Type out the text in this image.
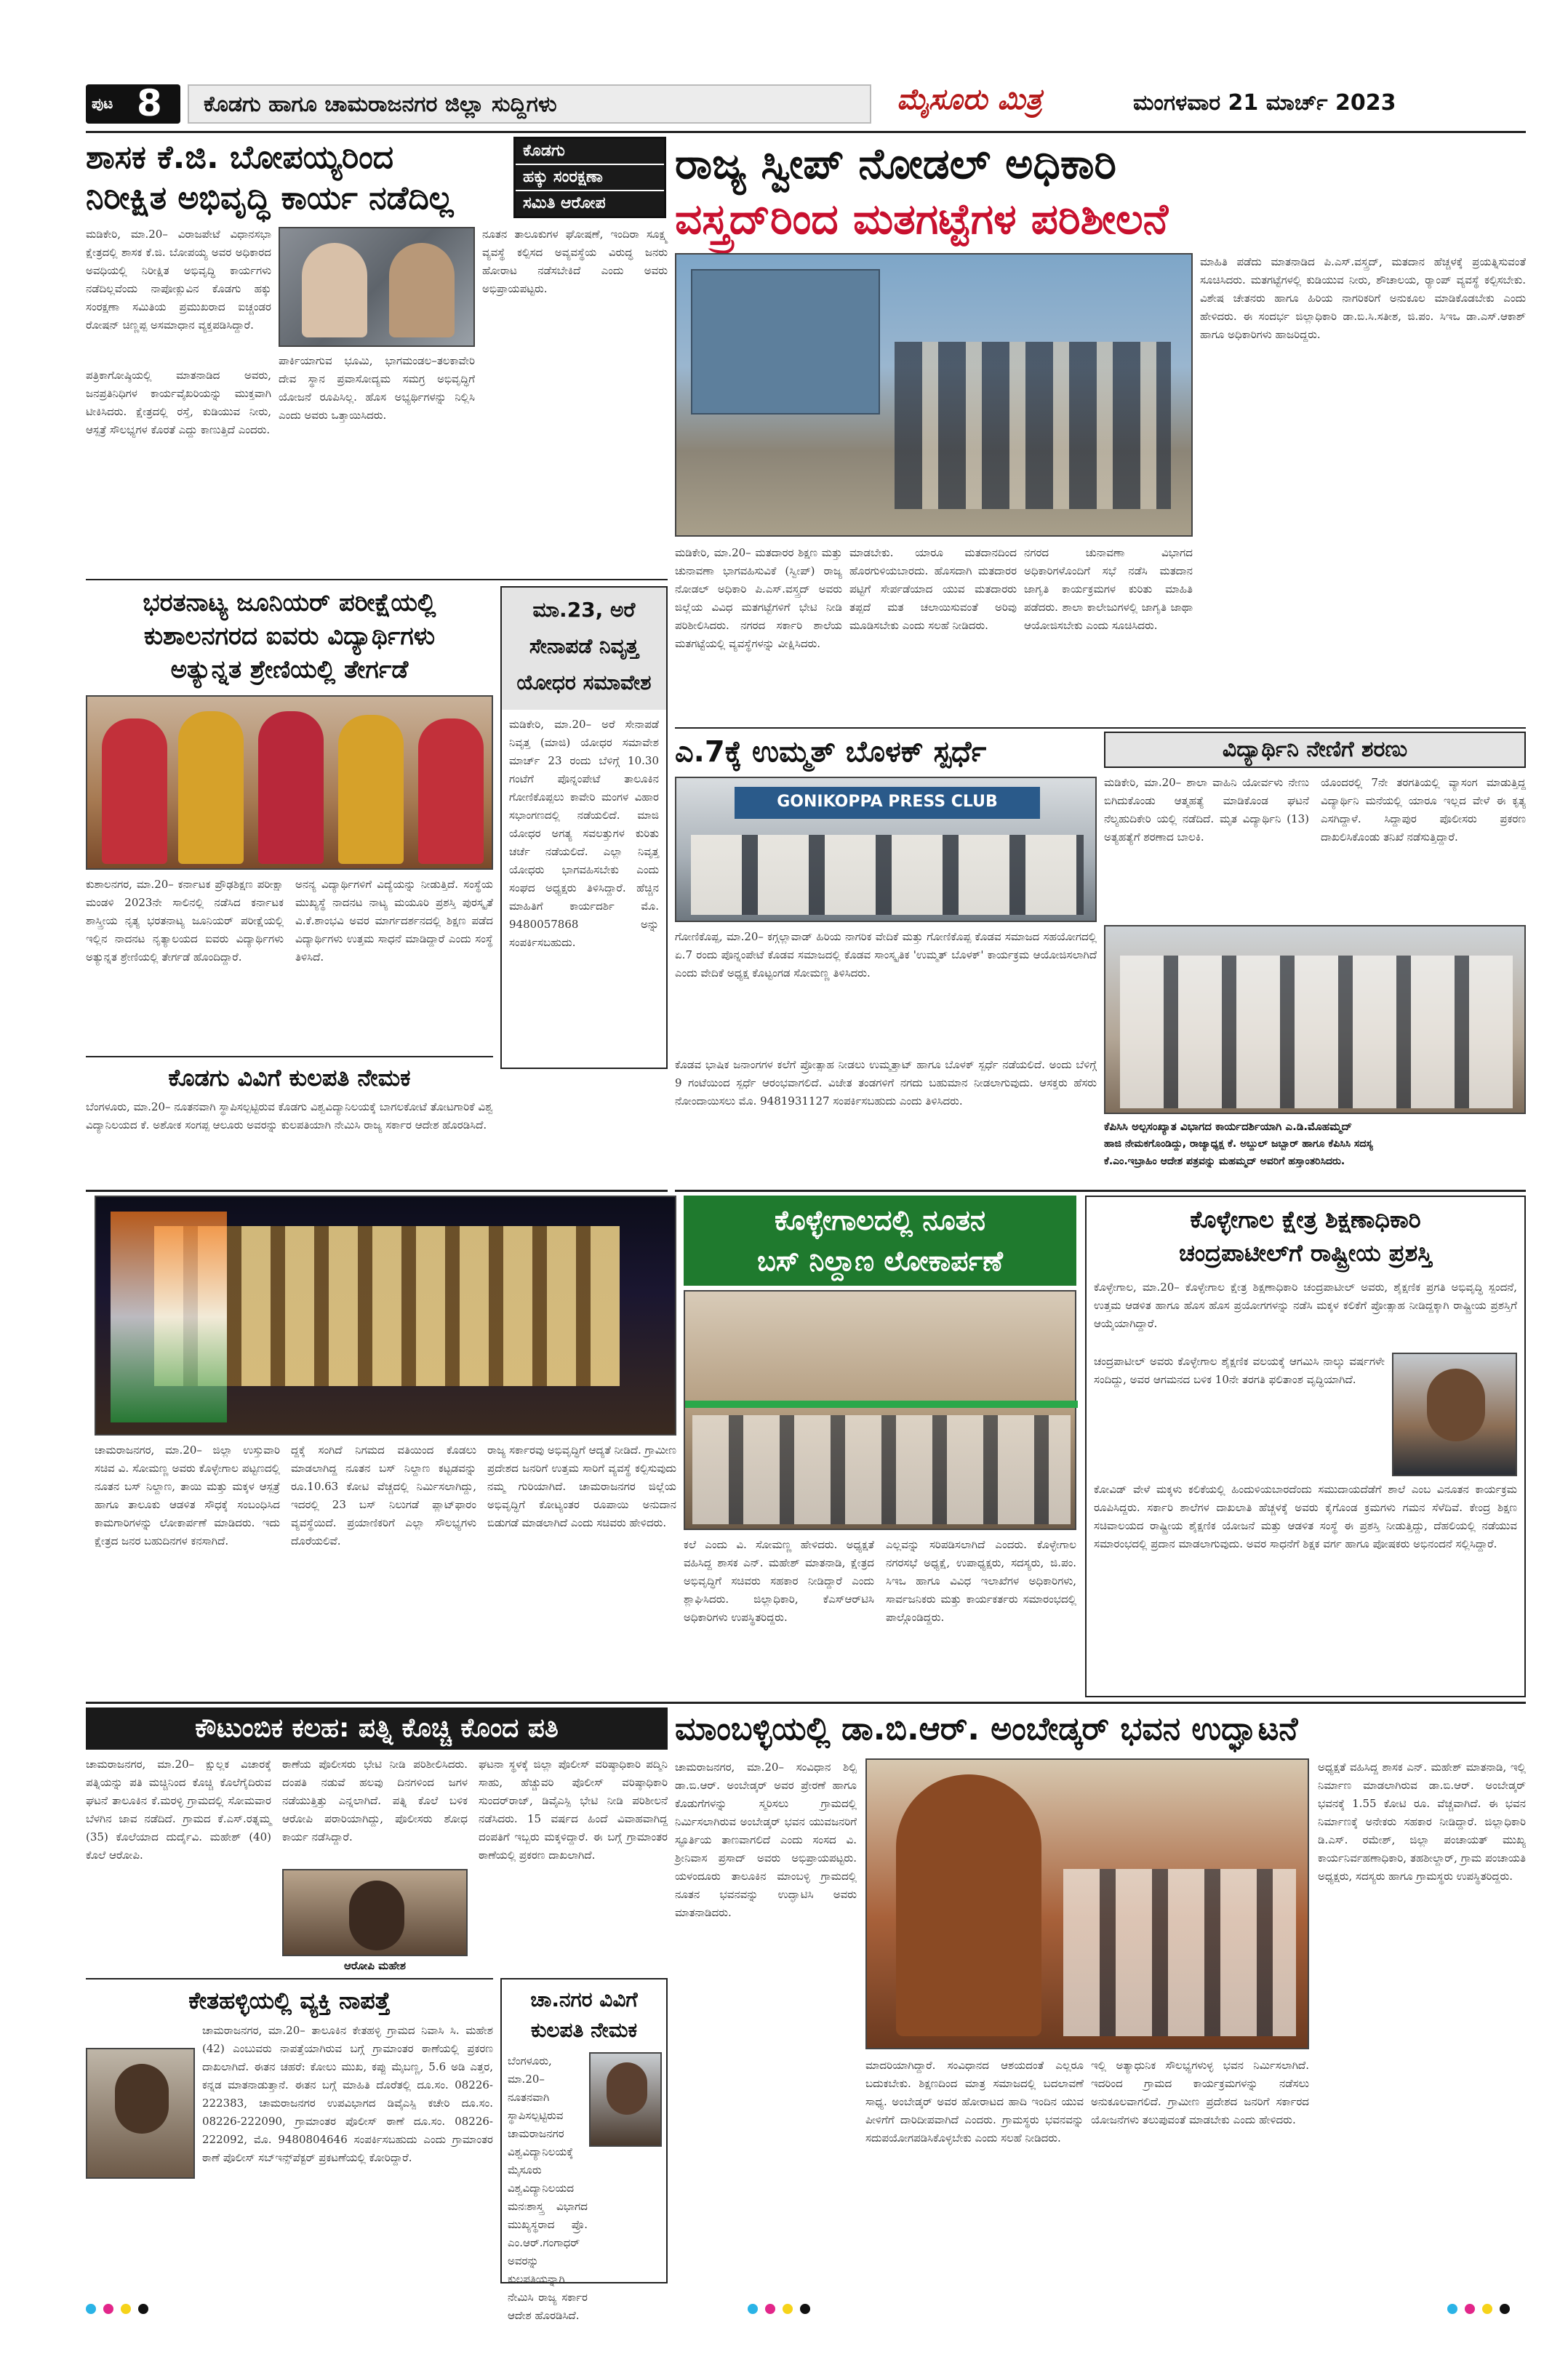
ಪುಟ 8 ಕೊಡಗು ಹಾಗೂ ಚಾಮರಾಜನಗರ ಜಿಲ್ಲಾ ಸುದ್ದಿಗಳು	ಮೈಸೂರು ಮಿತ್ರ	ಮಂಗಳವಾರ 21 ಮಾರ್ಚ್ 2023
ಶಾಸಕ ಕೆ.ಜಿ. ಬೋಪಯ್ಯರಿಂದ
ನಿರೀಕ್ಷಿತ ಅಭಿವೃದ್ಧಿ ಕಾರ್ಯ ನಡೆದಿಲ್ಲ
ಕೊಡಗು
ಹಕ್ಕು ಸಂರಕ್ಷಣಾ
ಸಮಿತಿ ಆರೋಪ
ಮಡಿಕೇರಿ, ಮಾ.20– ವಿರಾಜಪೇಟೆ ವಿಧಾನಸಭಾ ಕ್ಷೇತ್ರದಲ್ಲಿ ಶಾಸಕ ಕೆ.ಜಿ. ಬೋಪಯ್ಯ ಅವರ ಅಧಿಕಾರದ ಅವಧಿಯಲ್ಲಿ ನಿರೀಕ್ಷಿತ ಅಭಿವೃದ್ಧಿ ಕಾರ್ಯಗಳು ನಡೆದಿಲ್ಲವೆಂದು ನಾಪೋಕ್ಲುವಿನ ಕೊಡಗು ಹಕ್ಕು ಸಂರಕ್ಷಣಾ ಸಮಿತಿಯ ಪ್ರಮುಖರಾದ ಐಚ್ಚಂಡರ ರೋಷನ್ ಚಿಣ್ಣಪ್ಪ ಅಸಮಾಧಾನ ವ್ಯಕ್ತಪಡಿಸಿದ್ದಾರೆ.
ನೂತನ ತಾಲೂಕುಗಳ ಘೋಷಣೆ, ಇಂದಿರಾ ಸೂಕ್ಷ್ಮ ವ್ಯವಸ್ಥೆ ಕಲ್ಪಿಸದ ಅವ್ಯವಸ್ಥೆಯ ವಿರುದ್ಧ ಜನರು ಹೋರಾಟ ನಡೆಸಬೇಕಿದೆ ಎಂದು ಅವರು ಅಭಿಪ್ರಾಯಪಟ್ಟರು.
ಪತ್ರಿಕಾಗೋಷ್ಠಿಯಲ್ಲಿ ಮಾತನಾಡಿದ ಅವರು, ಜನಪ್ರತಿನಿಧಿಗಳ ಕಾರ್ಯವೈಖರಿಯನ್ನು ಮುಕ್ತವಾಗಿ ಟೀಕಿಸಿದರು. ಕ್ಷೇತ್ರದಲ್ಲಿ ರಸ್ತೆ, ಕುಡಿಯುವ ನೀರು, ಆಸ್ಪತ್ರೆ ಸೌಲಭ್ಯಗಳ ಕೊರತೆ ಎದ್ದು ಕಾಣುತ್ತಿದೆ ಎಂದರು.
ಪಾರ್ಕಿಯಾಗುವ ಭೂಮಿ, ಭಾಗಮಂಡಲ–ತಲಕಾವೇರಿ ದೇವ ಸ್ಥಾನ ಪ್ರವಾಸೋದ್ಯಮ ಸಮಗ್ರ ಅಭಿವೃದ್ಧಿಗೆ ಯೋಜನೆ ರೂಪಿಸಿಲ್ಲ. ಹೊಸ ಅಭ್ಯರ್ಥಿಗಳನ್ನು ನಿಲ್ಲಿಸಿ ಎಂದು ಅವರು ಒತ್ತಾಯಿಸಿದರು.
ರಾಜ್ಯ ಸ್ವೀಪ್ ನೋಡಲ್ ಅಧಿಕಾರಿ
ವಸ್ತ್ರದ್‌ರಿಂದ ಮತಗಟ್ಟೆಗಳ ಪರಿಶೀಲನೆ
ಮಾಹಿತಿ ಪಡೆದು ಮಾತನಾಡಿದ ಪಿ.ಎಸ್.ವಸ್ತ್ರದ್, ಮತದಾನ ಹೆಚ್ಚಳಕ್ಕೆ ಪ್ರಯತ್ನಿಸುವಂತೆ ಸೂಚಿಸಿದರು. ಮತಗಟ್ಟೆಗಳಲ್ಲಿ ಕುಡಿಯುವ ನೀರು, ಶೌಚಾಲಯ, ರ‍್ಯಾಂಪ್ ವ್ಯವಸ್ಥೆ ಕಲ್ಪಿಸಬೇಕು. ವಿಶೇಷ ಚೇತನರು ಹಾಗೂ ಹಿರಿಯ ನಾಗರಿಕರಿಗೆ ಅನುಕೂಲ ಮಾಡಿಕೊಡಬೇಕು ಎಂದು ಹೇಳಿದರು. ಈ ಸಂದರ್ಭ ಜಿಲ್ಲಾಧಿಕಾರಿ ಡಾ.ಬಿ.ಸಿ.ಸತೀಶ, ಜಿ.ಪಂ. ಸಿಇಒ ಡಾ.ಎಸ್.ಆಕಾಶ್ ಹಾಗೂ ಅಧಿಕಾರಿಗಳು ಹಾಜರಿದ್ದರು.
ಮಡಿಕೇರಿ, ಮಾ.20– ಮತದಾರರ ಶಿಕ್ಷಣ ಮತ್ತು ಚುನಾವಣಾ ಭಾಗವಹಿಸುವಿಕೆ (ಸ್ವೀಪ್) ರಾಜ್ಯ ನೋಡಲ್ ಅಧಿಕಾರಿ ಪಿ.ಎಸ್.ವಸ್ತ್ರದ್ ಅವರು ಜಿಲ್ಲೆಯ ವಿವಿಧ ಮತಗಟ್ಟೆಗಳಿಗೆ ಭೇಟಿ ನೀಡಿ ಪರಿಶೀಲಿಸಿದರು. ನಗರದ ಸರ್ಕಾರಿ ಶಾಲೆಯ ಮತಗಟ್ಟೆಯಲ್ಲಿ ವ್ಯವಸ್ಥೆಗಳನ್ನು ವೀಕ್ಷಿಸಿದರು.
ಮಾಡಬೇಕು. ಯಾರೂ ಮತದಾನದಿಂದ ಹೊರಗುಳಿಯಬಾರದು. ಹೊಸದಾಗಿ ಮತದಾರರ ಪಟ್ಟಿಗೆ ಸೇರ್ಪಡೆಯಾದ ಯುವ ಮತದಾರರು ತಪ್ಪದೆ ಮತ ಚಲಾಯಿಸುವಂತೆ ಅರಿವು ಮೂಡಿಸಬೇಕು ಎಂದು ಸಲಹೆ ನೀಡಿದರು.
ನಗರದ ಚುನಾವಣಾ ವಿಭಾಗದ ಅಧಿಕಾರಿಗಳೊಂದಿಗೆ ಸಭೆ ನಡೆಸಿ ಮತದಾನ ಜಾಗೃತಿ ಕಾರ್ಯಕ್ರಮಗಳ ಕುರಿತು ಮಾಹಿತಿ ಪಡೆದರು. ಶಾಲಾ ಕಾಲೇಜುಗಳಲ್ಲಿ ಜಾಗೃತಿ ಜಾಥಾ ಆಯೋಜಿಸಬೇಕು ಎಂದು ಸೂಚಿಸಿದರು.
ಭರತನಾಟ್ಯ ಜೂನಿಯರ್ ಪರೀಕ್ಷೆಯಲ್ಲಿ
ಕುಶಾಲನಗರದ ಐವರು ವಿದ್ಯಾರ್ಥಿಗಳು
ಅತ್ಯುನ್ನತ ಶ್ರೇಣಿಯಲ್ಲಿ ತೇರ್ಗಡೆ
ಕುಶಾಲನಗರ, ಮಾ.20– ಕರ್ನಾಟಕ ಪ್ರೌಢಶಿಕ್ಷಣ ಪರೀಕ್ಷಾ ಮಂಡಳಿ 2023ನೇ ಸಾಲಿನಲ್ಲಿ ನಡೆಸಿದ ಕರ್ನಾಟಕ ಶಾಸ್ತ್ರೀಯ ನೃತ್ಯ ಭರತನಾಟ್ಯ ಜೂನಿಯರ್ ಪರೀಕ್ಷೆಯಲ್ಲಿ ಇಲ್ಲಿನ ನಾದನಟ ನೃತ್ಯಾಲಯದ ಐವರು ವಿದ್ಯಾರ್ಥಿಗಳು ಅತ್ಯುನ್ನತ ಶ್ರೇಣಿಯಲ್ಲಿ ತೇರ್ಗಡೆ ಹೊಂದಿದ್ದಾರೆ.
ಅನನ್ಯ ವಿದ್ಯಾರ್ಥಿಗಳಿಗೆ ವಿದ್ಯೆಯನ್ನು ನೀಡುತ್ತಿದೆ. ಸಂಸ್ಥೆಯ ಮುಖ್ಯಸ್ಥೆ ನಾದನಟ ನಾಟ್ಯ ಮಯೂರಿ ಪ್ರಶಸ್ತಿ ಪುರಸ್ಕೃತೆ ವಿ.ಕೆ.ಶಾಂಭವಿ ಅವರ ಮಾರ್ಗದರ್ಶನದಲ್ಲಿ ಶಿಕ್ಷಣ ಪಡೆದ ವಿದ್ಯಾರ್ಥಿಗಳು ಉತ್ತಮ ಸಾಧನೆ ಮಾಡಿದ್ದಾರೆ ಎಂದು ಸಂಸ್ಥೆ ತಿಳಿಸಿದೆ.
ಮಾ.23, ಅರೆ
ಸೇನಾಪಡೆ ನಿವೃತ್ತ
ಯೋಧರ ಸಮಾವೇಶ
ಮಡಿಕೇರಿ, ಮಾ.20– ಅರೆ ಸೇನಾಪಡೆ ನಿವೃತ್ತ (ಮಾಜಿ) ಯೋಧರ ಸಮಾವೇಶ ಮಾರ್ಚ್ 23 ರಂದು ಬೆಳಿಗ್ಗೆ 10.30 ಗಂಟೆಗೆ ಪೊನ್ನಂಪೇಟೆ ತಾಲೂಕಿನ ಗೋಣಿಕೊಪ್ಪಲು ಕಾವೇರಿ ಮಂಗಳ ವಿಹಾರ ಸಭಾಂಗಣದಲ್ಲಿ ನಡೆಯಲಿದೆ. ಮಾಜಿ ಯೋಧರ ಅಗತ್ಯ ಸವಲತ್ತುಗಳ ಕುರಿತು ಚರ್ಚೆ ನಡೆಯಲಿದೆ. ಎಲ್ಲಾ ನಿವೃತ್ತ ಯೋಧರು ಭಾಗವಹಿಸಬೇಕು ಎಂದು ಸಂಘದ ಅಧ್ಯಕ್ಷರು ತಿಳಿಸಿದ್ದಾರೆ. ಹೆಚ್ಚಿನ ಮಾಹಿತಿಗೆ ಕಾರ್ಯದರ್ಶಿ ಮೊ. 9480057868 ಅನ್ನು ಸಂಪರ್ಕಿಸಬಹುದು.
ಕೊಡಗು ವಿವಿಗೆ ಕುಲಪತಿ ನೇಮಕ
ಬೆಂಗಳೂರು, ಮಾ.20– ನೂತನವಾಗಿ ಸ್ಥಾಪಿಸಲ್ಪಟ್ಟಿರುವ ಕೊಡಗು ವಿಶ್ವವಿದ್ಯಾನಿಲಯಕ್ಕೆ ಬಾಗಲಕೋಟೆ ತೋಟಗಾರಿಕೆ ವಿಶ್ವ ವಿದ್ಯಾನಿಲಯದ ಕೆ. ಅಶೋಕ ಸಂಗಪ್ಪ ಆಲೂರು ಅವರನ್ನು ಕುಲಪತಿಯಾಗಿ ನೇಮಿಸಿ ರಾಜ್ಯ ಸರ್ಕಾರ ಆದೇಶ ಹೊರಡಿಸಿದೆ.
ಎ.7ಕ್ಕೆ ಉಮ್ಮತ್ ಬೊಳಕ್ ಸ್ಪರ್ಧೆ
GONIKOPPA PRESS CLUB
ಗೋಣಿಕೊಪ್ಪ, ಮಾ.20– ಕಗ್ಗಲ್ಲಾವಾಡ್ ಹಿರಿಯ ನಾಗರಿಕ ವೇದಿಕೆ ಮತ್ತು ಗೋಣಿಕೊಪ್ಪ ಕೊಡವ ಸಮಾಜದ ಸಹಯೋಗದಲ್ಲಿ ಏ.7 ರಂದು ಪೊನ್ನಂಪೇಟೆ ಕೊಡವ ಸಮಾಜದಲ್ಲಿ ಕೊಡವ ಸಾಂಸ್ಕೃತಿಕ 'ಉಮ್ಮತ್ ಬೊಳಕ್' ಕಾರ್ಯಕ್ರಮ ಆಯೋಜಿಸಲಾಗಿದೆ ಎಂದು ವೇದಿಕೆ ಅಧ್ಯಕ್ಷ ಕೊಟ್ಟಂಗಡ ಸೋಮಣ್ಣ ತಿಳಿಸಿದರು.
ಕೊಡವ ಭಾಷಿಕ ಜನಾಂಗಗಳ ಕಲೆಗೆ ಪ್ರೋತ್ಸಾಹ ನೀಡಲು ಉಮ್ಮತ್ತಾಟ್ ಹಾಗೂ ಬೊಳಕ್ ಸ್ಪರ್ಧೆ ನಡೆಯಲಿದೆ. ಅಂದು ಬೆಳಿಗ್ಗೆ 9 ಗಂಟೆಯಿಂದ ಸ್ಪರ್ಧೆ ಆರಂಭವಾಗಲಿದೆ. ವಿಜೇತ ತಂಡಗಳಿಗೆ ನಗದು ಬಹುಮಾನ ನೀಡಲಾಗುವುದು. ಆಸಕ್ತರು ಹೆಸರು ನೋಂದಾಯಿಸಲು ಮೊ. 9481931127 ಸಂಪರ್ಕಿಸಬಹುದು ಎಂದು ತಿಳಿಸಿದರು.
ವಿದ್ಯಾರ್ಥಿನಿ ನೇಣಿಗೆ ಶರಣು
ಮಡಿಕೇರಿ, ಮಾ.20– ಶಾಲಾ ವಾಹಿನಿ ಯೋರ್ವಳು ನೇಣು ಬಿಗಿದುಕೊಂಡು ಆತ್ಮಹತ್ಯೆ ಮಾಡಿಕೊಂಡ ಘಟನೆ ನೆಲ್ಯಹುದಿಕೇರಿ ಯಲ್ಲಿ ನಡೆದಿದೆ. ಮೃತ ವಿದ್ಯಾರ್ಥಿನಿ (13) ಅತ್ಯಹತ್ಯೆಗೆ ಶರಣಾದ ಬಾಲಕಿ.
ಯೊಂದರಲ್ಲಿ 7ನೇ ತರಗತಿಯಲ್ಲಿ ವ್ಯಾಸಂಗ ಮಾಡುತ್ತಿದ್ದ ವಿದ್ಯಾರ್ಥಿನಿ ಮನೆಯಲ್ಲಿ ಯಾರೂ ಇಲ್ಲದ ವೇಳೆ ಈ ಕೃತ್ಯ ಎಸಗಿದ್ದಾಳೆ. ಸಿದ್ದಾಪುರ ಪೊಲೀಸರು ಪ್ರಕರಣ ದಾಖಲಿಸಿಕೊಂಡು ತನಿಖೆ ನಡೆಸುತ್ತಿದ್ದಾರೆ.
ಕೆಪಿಸಿಸಿ ಅಲ್ಪಸಂಖ್ಯಾತ ವಿಭಾಗದ ಕಾರ್ಯದರ್ಶಿಯಾಗಿ ಎ.ಡಿ.ಮೊಹಮ್ಮದ್
ಹಾಜಿ ನೇಮಕಗೊಂಡಿದ್ದು, ರಾಜ್ಯಾಧ್ಯಕ್ಷ ಕೆ. ಅಬ್ದುಲ್ ಜಬ್ಬಾರ್ ಹಾಗೂ ಕೆಪಿಸಿಸಿ ಸದಸ್ಯ
ಕೆ.ಎಂ.ಇಬ್ರಾಹಿಂ ಆದೇಶ ಪತ್ರವನ್ನು ಮಹಮ್ಮದ್ ಅವರಿಗೆ ಹಸ್ತಾಂತರಿಸಿದರು.
ಕೊಳ್ಳೇಗಾಲದಲ್ಲಿ ನೂತನ
ಬಸ್ ನಿಲ್ದಾಣ ಲೋಕಾರ್ಪಣೆ
ಚಾಮರಾಜನಗರ, ಮಾ.20– ಜಿಲ್ಲಾ ಉಸ್ತುವಾರಿ ಸಚಿವ ವಿ. ಸೋಮಣ್ಣ ಅವರು ಕೊಳ್ಳೇಗಾಲ ಪಟ್ಟಣದಲ್ಲಿ ನೂತನ ಬಸ್ ನಿಲ್ದಾಣ, ತಾಯಿ ಮತ್ತು ಮಕ್ಕಳ ಆಸ್ಪತ್ರೆ ಹಾಗೂ ತಾಲೂಕು ಆಡಳಿತ ಸೌಧಕ್ಕೆ ಸಂಬಂಧಿಸಿದ ಕಾಮಗಾರಿಗಳನ್ನು ಲೋಕಾರ್ಪಣೆ ಮಾಡಿದರು. ಇದು ಕ್ಷೇತ್ರದ ಜನರ ಬಹುದಿನಗಳ ಕನಸಾಗಿದೆ.
ದ್ದಕ್ಕೆ ಸಂಗಿದೆ ನಿಗಮದ ವತಿಯಿಂದ ಕೊಡಲು ಮಾಡಲಾಗಿದ್ದ ನೂತನ ಬಸ್ ನಿಲ್ದಾಣ ಕಟ್ಟಡವನ್ನು ರೂ.10.63 ಕೋಟಿ ವೆಚ್ಚದಲ್ಲಿ ನಿರ್ಮಿಸಲಾಗಿದ್ದು, ಇದರಲ್ಲಿ 23 ಬಸ್ ನಿಲುಗಡೆ ಪ್ಲಾಟ್‌ಫಾರಂ ವ್ಯವಸ್ಥೆಯಿದೆ. ಪ್ರಯಾಣಿಕರಿಗೆ ಎಲ್ಲಾ ಸೌಲಭ್ಯಗಳು ದೊರೆಯಲಿವೆ.
ರಾಜ್ಯ ಸರ್ಕಾರವು ಅಭಿವೃದ್ಧಿಗೆ ಆದ್ಯತೆ ನೀಡಿದೆ. ಗ್ರಾಮೀಣ ಪ್ರದೇಶದ ಜನರಿಗೆ ಉತ್ತಮ ಸಾರಿಗೆ ವ್ಯವಸ್ಥೆ ಕಲ್ಪಿಸುವುದು ನಮ್ಮ ಗುರಿಯಾಗಿದೆ. ಚಾಮರಾಜನಗರ ಜಿಲ್ಲೆಯ ಅಭಿವೃದ್ಧಿಗೆ ಕೋಟ್ಯಂತರ ರೂಪಾಯಿ ಅನುದಾನ ಬಿಡುಗಡೆ ಮಾಡಲಾಗಿದೆ ಎಂದು ಸಚಿವರು ಹೇಳಿದರು.
ಕಲೆ ಎಂದು ವಿ. ಸೋಮಣ್ಣ ಹೇಳಿದರು. ಅಧ್ಯಕ್ಷತೆ ವಹಿಸಿದ್ದ ಶಾಸಕ ಎನ್. ಮಹೇಶ್ ಮಾತನಾಡಿ, ಕ್ಷೇತ್ರದ ಅಭಿವೃದ್ಧಿಗೆ ಸಚಿವರು ಸಹಕಾರ ನೀಡಿದ್ದಾರೆ ಎಂದು ಶ್ಲಾಘಿಸಿದರು. ಜಿಲ್ಲಾಧಿಕಾರಿ, ಕೆಎಸ್‌ಆರ್‌ಟಿಸಿ ಅಧಿಕಾರಿಗಳು ಉಪಸ್ಥಿತರಿದ್ದರು.
ಎಲ್ಲವನ್ನು ಸರಿಪಡಿಸಲಾಗಿದೆ ಎಂದರು. ಕೊಳ್ಳೇಗಾಲ ನಗರಸಭೆ ಅಧ್ಯಕ್ಷೆ, ಉಪಾಧ್ಯಕ್ಷರು, ಸದಸ್ಯರು, ಜಿ.ಪಂ. ಸಿಇಒ ಹಾಗೂ ವಿವಿಧ ಇಲಾಖೆಗಳ ಅಧಿಕಾರಿಗಳು, ಸಾರ್ವಜನಿಕರು ಮತ್ತು ಕಾರ್ಯಕರ್ತರು ಸಮಾರಂಭದಲ್ಲಿ ಪಾಲ್ಗೊಂಡಿದ್ದರು.
ಕೊಳ್ಳೇಗಾಲ ಕ್ಷೇತ್ರ ಶಿಕ್ಷಣಾಧಿಕಾರಿ
ಚಂದ್ರಪಾಟೀಲ್‌ಗೆ ರಾಷ್ಟ್ರೀಯ ಪ್ರಶಸ್ತಿ
ಕೊಳ್ಳೇಗಾಲ, ಮಾ.20– ಕೊಳ್ಳೇಗಾಲ ಕ್ಷೇತ್ರ ಶಿಕ್ಷಣಾಧಿಕಾರಿ ಚಂದ್ರಪಾಟೀಲ್ ಅವರು, ಶೈಕ್ಷಣಿಕ ಪ್ರಗತಿ ಅಭಿವೃದ್ಧಿ ಸ್ಪಂದನೆ, ಉತ್ತಮ ಆಡಳಿತ ಹಾಗೂ ಹೊಸ ಹೊಸ ಪ್ರಯೋಗಗಳನ್ನು ನಡೆಸಿ ಮಕ್ಕಳ ಕಲಿಕೆಗೆ ಪ್ರೋತ್ಸಾಹ ನೀಡಿದ್ದಕ್ಕಾಗಿ ರಾಷ್ಟ್ರೀಯ ಪ್ರಶಸ್ತಿಗೆ ಆಯ್ಕೆಯಾಗಿದ್ದಾರೆ.
ಚಂದ್ರಪಾಟೀಲ್ ಅವರು ಕೊಳ್ಳೇಗಾಲ ಶೈಕ್ಷಣಿಕ ವಲಯಕ್ಕೆ ಆಗಮಿಸಿ ನಾಲ್ಕು ವರ್ಷಗಳೇ ಸಂದಿದ್ದು, ಅವರ ಆಗಮನದ ಬಳಿಕ 10ನೇ ತರಗತಿ ಫಲಿತಾಂಶ ವೃದ್ಧಿಯಾಗಿದೆ.
ಕೋವಿಡ್ ವೇಳೆ ಮಕ್ಕಳು ಕಲಿಕೆಯಲ್ಲಿ ಹಿಂದುಳಿಯಬಾರದೆಂದು ಸಮುದಾಯದೆಡೆಗೆ ಶಾಲೆ ಎಂಬ ವಿನೂತನ ಕಾರ್ಯಕ್ರಮ ರೂಪಿಸಿದ್ದರು. ಸರ್ಕಾರಿ ಶಾಲೆಗಳ ದಾಖಲಾತಿ ಹೆಚ್ಚಳಕ್ಕೆ ಅವರು ಕೈಗೊಂಡ ಕ್ರಮಗಳು ಗಮನ ಸೆಳೆದಿವೆ. ಕೇಂದ್ರ ಶಿಕ್ಷಣ ಸಚಿವಾಲಯದ ರಾಷ್ಟ್ರೀಯ ಶೈಕ್ಷಣಿಕ ಯೋಜನೆ ಮತ್ತು ಆಡಳಿತ ಸಂಸ್ಥೆ ಈ ಪ್ರಶಸ್ತಿ ನೀಡುತ್ತಿದ್ದು, ದೆಹಲಿಯಲ್ಲಿ ನಡೆಯುವ ಸಮಾರಂಭದಲ್ಲಿ ಪ್ರದಾನ ಮಾಡಲಾಗುವುದು. ಅವರ ಸಾಧನೆಗೆ ಶಿಕ್ಷಕ ವರ್ಗ ಹಾಗೂ ಪೋಷಕರು ಅಭಿನಂದನೆ ಸಲ್ಲಿಸಿದ್ದಾರೆ.
ಕೌಟುಂಬಿಕ ಕಲಹ: ಪತ್ನಿ ಕೊಚ್ಚಿ ಕೊಂದ ಪತಿ
ಚಾಮರಾಜನಗರ, ಮಾ.20– ಕ್ಷುಲ್ಲಕ ವಿಚಾರಕ್ಕೆ ಪತ್ನಿಯನ್ನು ಪತಿ ಮಚ್ಚಿನಿಂದ ಕೊಚ್ಚಿ ಕೊಲೆಗೈದಿರುವ ಘಟನೆ ತಾಲೂಕಿನ ಕೆ.ಮರಳ್ಳಿ ಗ್ರಾಮದಲ್ಲಿ ಸೋಮವಾರ ಬೆಳಗಿನ ಜಾವ ನಡೆದಿದೆ. ಗ್ರಾಮದ ಕೆ.ಎಸ್.ರತ್ನಮ್ಮ (35) ಕೊಲೆಯಾದ ದುರ್ದೈವಿ. ಮಹೇಶ್ (40) ಕೊಲೆ ಆರೋಪಿ.
ಠಾಣೆಯ ಪೊಲೀಸರು ಭೇಟಿ ನೀಡಿ ಪರಿಶೀಲಿಸಿದರು. ದಂಪತಿ ನಡುವೆ ಹಲವು ದಿನಗಳಿಂದ ಜಗಳ ನಡೆಯುತ್ತಿತ್ತು ಎನ್ನಲಾಗಿದೆ. ಪತ್ನಿ ಕೊಲೆ ಬಳಿಕ ಆರೋಪಿ ಪರಾರಿಯಾಗಿದ್ದು, ಪೊಲೀಸರು ಶೋಧ ಕಾರ್ಯ ನಡೆಸಿದ್ದಾರೆ.
ಆರೋಪಿ ಮಹೇಶ
ಘಟನಾ ಸ್ಥಳಕ್ಕೆ ಜಿಲ್ಲಾ ಪೊಲೀಸ್ ವರಿಷ್ಠಾಧಿಕಾರಿ ಪದ್ಮಿನಿ ಸಾಹು, ಹೆಚ್ಚುವರಿ ಪೊಲೀಸ್ ವರಿಷ್ಠಾಧಿಕಾರಿ ಸುಂದರ್‌ರಾಜ್, ಡಿವೈಎಸ್ಪಿ ಭೇಟಿ ನೀಡಿ ಪರಿಶೀಲನೆ ನಡೆಸಿದರು. 15 ವರ್ಷದ ಹಿಂದೆ ವಿವಾಹವಾಗಿದ್ದ ದಂಪತಿಗೆ ಇಬ್ಬರು ಮಕ್ಕಳಿದ್ದಾರೆ. ಈ ಬಗ್ಗೆ ಗ್ರಾಮಾಂತರ ಠಾಣೆಯಲ್ಲಿ ಪ್ರಕರಣ ದಾಖಲಾಗಿದೆ.
ಕೇತಹಳ್ಳಿಯಲ್ಲಿ ವ್ಯಕ್ತಿ ನಾಪತ್ತೆ
ಚಾಮರಾಜನಗರ, ಮಾ.20– ತಾಲೂಕಿನ ಕೇತಹಳ್ಳಿ ಗ್ರಾಮದ ನಿವಾಸಿ ಸಿ. ಮಹೇಶ (42) ಎಂಬುವರು ನಾಪತ್ತೆಯಾಗಿರುವ ಬಗ್ಗೆ ಗ್ರಾಮಾಂತರ ಠಾಣೆಯಲ್ಲಿ ಪ್ರಕರಣ ದಾಖಲಾಗಿದೆ. ಈತನ ಚಹರೆ: ಕೋಲು ಮುಖ, ಕಪ್ಪು ಮೈಬಣ್ಣ, 5.6 ಅಡಿ ಎತ್ತರ, ಕನ್ನಡ ಮಾತನಾಡುತ್ತಾನೆ. ಈತನ ಬಗ್ಗೆ ಮಾಹಿತಿ ದೊರೆತಲ್ಲಿ ದೂ.ಸಂ. 08226-222383, ಚಾಮರಾಜನಗರ ಉಪವಿಭಾಗದ ಡಿವೈಎಸ್ಪಿ ಕಚೇರಿ ದೂ.ಸಂ. 08226-222090, ಗ್ರಾಮಾಂತರ ಪೊಲೀಸ್ ಠಾಣೆ ದೂ.ಸಂ. 08226-222092, ಮೊ. 9480804646 ಸಂಪರ್ಕಿಸಬಹುದು ಎಂದು ಗ್ರಾಮಾಂತರ ಠಾಣೆ ಪೊಲೀಸ್ ಸಬ್‌ಇನ್ಸ್‌ಪೆಕ್ಟರ್ ಪ್ರಕಟಣೆಯಲ್ಲಿ ಕೋರಿದ್ದಾರೆ.
ಚಾ.ನಗರ ವಿವಿಗೆ
ಕುಲಪತಿ ನೇಮಕ
ಬೆಂಗಳೂರು, ಮಾ.20– ನೂತನವಾಗಿ ಸ್ಥಾಪಿಸಲ್ಪಟ್ಟಿರುವ ಚಾಮರಾಜನಗರ ವಿಶ್ವವಿದ್ಯಾನಿಲಯಕ್ಕೆ ಮೈಸೂರು ವಿಶ್ವವಿದ್ಯಾನಿಲಯದ ಮನಃಶಾಸ್ತ್ರ ವಿಭಾಗದ ಮುಖ್ಯಸ್ಥರಾದ ಪ್ರೊ. ಎಂ.ಆರ್.ಗಂಗಾಧರ್ ಅವರನ್ನು ಕುಲಪತಿಯನ್ನಾಗಿ ನೇಮಿಸಿ ರಾಜ್ಯ ಸರ್ಕಾರ ಆದೇಶ ಹೊರಡಿಸಿದೆ.
ಮಾಂಬಳ್ಳಿಯಲ್ಲಿ ಡಾ.ಬಿ.ಆರ್. ಅಂಬೇಡ್ಕರ್ ಭವನ ಉದ್ಘಾಟನೆ
ಚಾಮರಾಜನಗರ, ಮಾ.20– ಸಂವಿಧಾನ ಶಿಲ್ಪಿ ಡಾ.ಬಿ.ಆರ್. ಅಂಬೇಡ್ಕರ್ ಅವರ ಪ್ರೇರಣೆ ಹಾಗೂ ಕೊಡುಗೆಗಳನ್ನು ಸ್ಮರಿಸಲು ಗ್ರಾಮದಲ್ಲಿ ನಿರ್ಮಿಸಲಾಗಿರುವ ಅಂಬೇಡ್ಕರ್ ಭವನ ಯುವಜನರಿಗೆ ಸ್ಫೂರ್ತಿಯ ತಾಣವಾಗಲಿದೆ ಎಂದು ಸಂಸದ ವಿ. ಶ್ರೀನಿವಾಸ ಪ್ರಸಾದ್ ಅವರು ಅಭಿಪ್ರಾಯಪಟ್ಟರು. ಯಳಂದೂರು ತಾಲೂಕಿನ ಮಾಂಬಳ್ಳಿ ಗ್ರಾಮದಲ್ಲಿ ನೂತನ ಭವನವನ್ನು ಉದ್ಘಾಟಿಸಿ ಅವರು ಮಾತನಾಡಿದರು.
ಮಾದರಿಯಾಗಿದ್ದಾರೆ. ಸಂವಿಧಾನದ ಆಶಯದಂತೆ ಎಲ್ಲರೂ ಬದುಕಬೇಕು. ಶಿಕ್ಷಣದಿಂದ ಮಾತ್ರ ಸಮಾಜದಲ್ಲಿ ಬದಲಾವಣೆ ಸಾಧ್ಯ. ಅಂಬೇಡ್ಕರ್ ಅವರ ಹೋರಾಟದ ಹಾದಿ ಇಂದಿನ ಯುವ ಪೀಳಿಗೆಗೆ ದಾರಿದೀಪವಾಗಿದೆ ಎಂದರು. ಗ್ರಾಮಸ್ಥರು ಭವನವನ್ನು ಸದುಪಯೋಗಪಡಿಸಿಕೊಳ್ಳಬೇಕು ಎಂದು ಸಲಹೆ ನೀಡಿದರು.
ಇಲ್ಲಿ ಅತ್ಯಾಧುನಿಕ ಸೌಲಭ್ಯಗಳುಳ್ಳ ಭವನ ನಿರ್ಮಿಸಲಾಗಿದೆ. ಇದರಿಂದ ಗ್ರಾಮದ ಕಾರ್ಯಕ್ರಮಗಳನ್ನು ನಡೆಸಲು ಅನುಕೂಲವಾಗಲಿದೆ. ಗ್ರಾಮೀಣ ಪ್ರದೇಶದ ಜನರಿಗೆ ಸರ್ಕಾರದ ಯೋಜನೆಗಳು ತಲುಪುವಂತೆ ಮಾಡಬೇಕು ಎಂದು ಹೇಳಿದರು.
ಅಧ್ಯಕ್ಷತೆ ವಹಿಸಿದ್ದ ಶಾಸಕ ಎನ್. ಮಹೇಶ್ ಮಾತನಾಡಿ, ಇಲ್ಲಿ ನಿರ್ಮಾಣ ಮಾಡಲಾಗಿರುವ ಡಾ.ಬಿ.ಆರ್. ಅಂಬೇಡ್ಕರ್ ಭವನಕ್ಕೆ 1.55 ಕೋಟಿ ರೂ. ವೆಚ್ಚವಾಗಿದೆ. ಈ ಭವನ ನಿರ್ಮಾಣಕ್ಕೆ ಅನೇಕರು ಸಹಕಾರ ನೀಡಿದ್ದಾರೆ. ಜಿಲ್ಲಾಧಿಕಾರಿ ಡಿ.ಎಸ್. ರಮೇಶ್, ಜಿಲ್ಲಾ ಪಂಚಾಯತ್ ಮುಖ್ಯ ಕಾರ್ಯನಿರ್ವಹಣಾಧಿಕಾರಿ, ತಹಶೀಲ್ದಾರ್, ಗ್ರಾಮ ಪಂಚಾಯತಿ ಅಧ್ಯಕ್ಷರು, ಸದಸ್ಯರು ಹಾಗೂ ಗ್ರಾಮಸ್ಥರು ಉಪಸ್ಥಿತರಿದ್ದರು.
